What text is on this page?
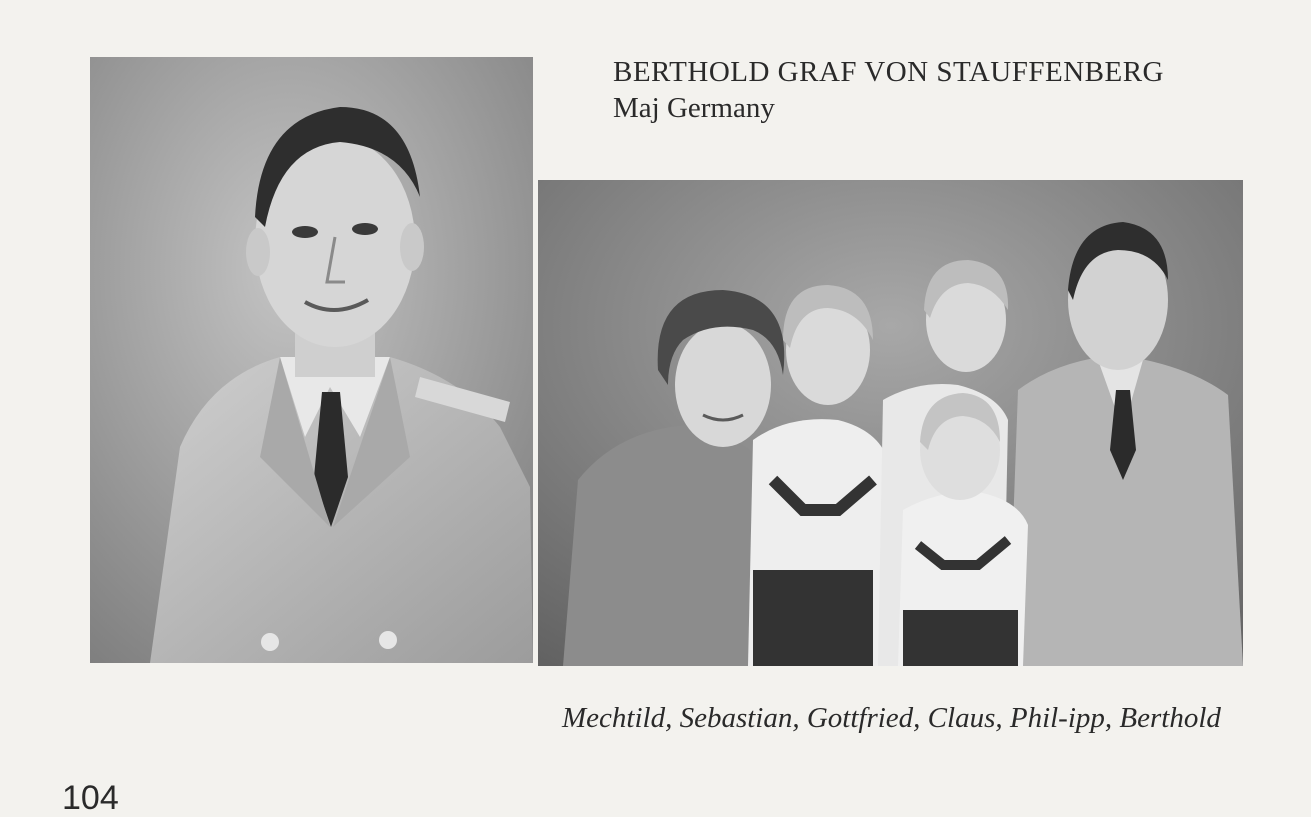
BERTHOLD GRAF VON STAUFFENBERG
Maj Germany
Mechtild, Sebastian, Gottfried, Claus, Phil-ipp, Berthold
104
